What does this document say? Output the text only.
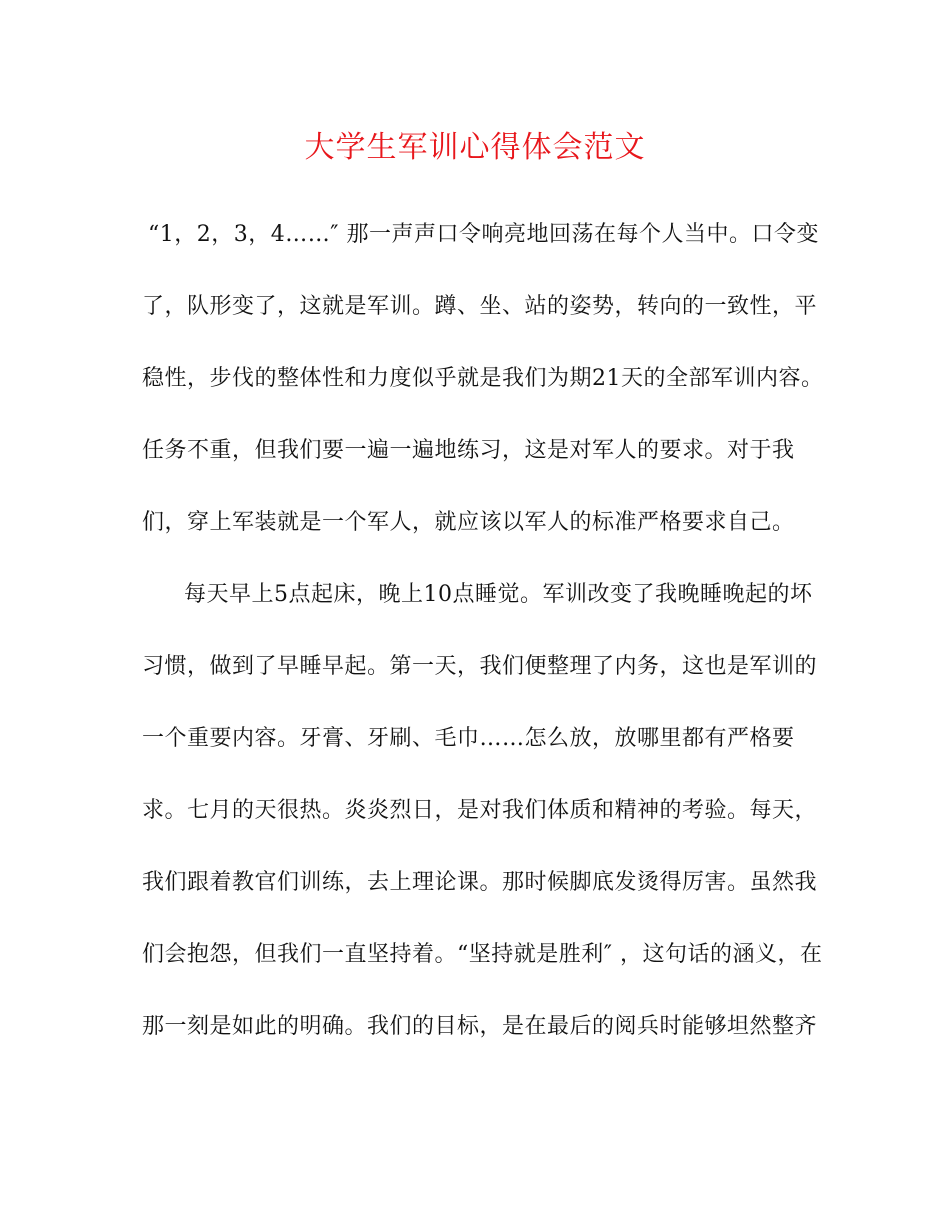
大学生军训心得体会范文
“1，2，3，4……″ 那一声声口令响亮地回荡在每个人当中。口令变
了，队形变了，这就是军训。蹲、坐、站的姿势，转向的一致性，平
稳性，步伐的整体性和力度似乎就是我们为期21天的全部军训内容。
任务不重，但我们要一遍一遍地练习，这是对军人的要求。对于我
们，穿上军装就是一个军人，就应该以军人的标准严格要求自己。
每天早上5点起床，晚上10点睡觉。军训改变了我晚睡晚起的坏
习惯，做到了早睡早起。第一天，我们便整理了内务，这也是军训的
一个重要内容。牙膏、牙刷、毛巾……怎么放，放哪里都有严格要
求。七月的天很热。炎炎烈日，是对我们体质和精神的考验。每天，
我们跟着教官们训练，去上理论课。那时候脚底发烫得厉害。虽然我
们会抱怨，但我们一直坚持着。“坚持就是胜利″ ，这句话的涵义，在
那一刻是如此的明确。我们的目标，是在最后的阅兵时能够坦然整齐
